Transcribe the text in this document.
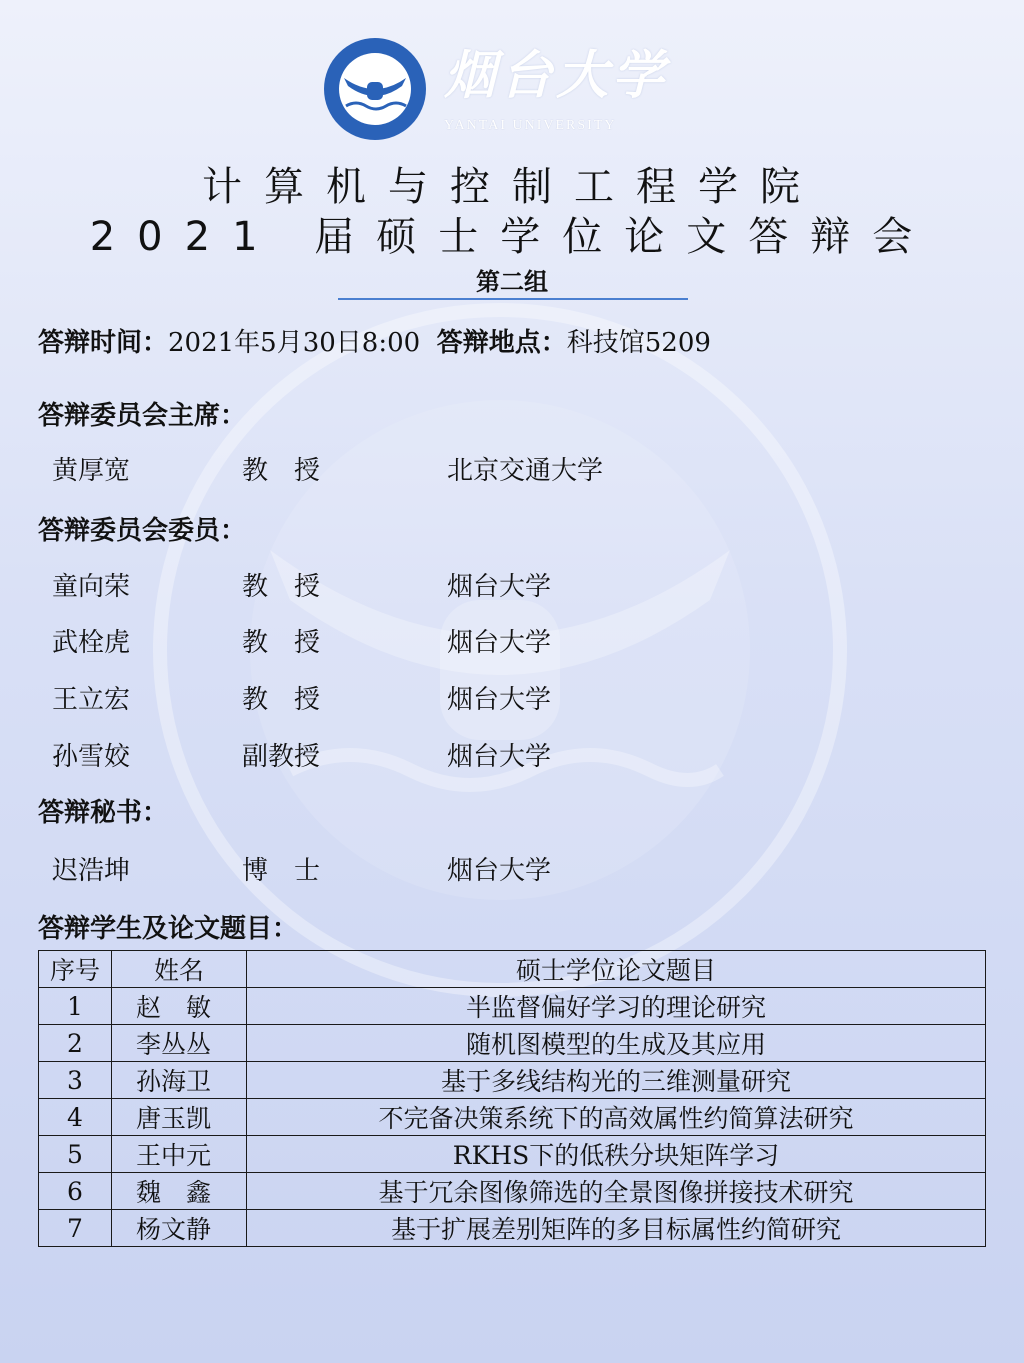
烟台大学
YANTAI UNIVERSITY
计算机与控制工程学院
2021 届硕士学位论文答辩会
第二组
答辩时间：2021年5月30日8:00 答辩地点：科技馆5209
答辩委员会主席：
黄厚宽	教　授	北京交通大学
答辩委员会委员：
童向荣	教　授	烟台大学
武栓虎	教　授	烟台大学
王立宏	教　授	烟台大学
孙雪姣	副教授	烟台大学
答辩秘书：
迟浩坤	博　士	烟台大学
答辩学生及论文题目：
序号	姓名	硕士学位论文题目
1	赵　敏	半监督偏好学习的理论研究
2	李丛丛	随机图模型的生成及其应用
3	孙海卫	基于多线结构光的三维测量研究
4	唐玉凯	不完备决策系统下的高效属性约简算法研究
5	王中元	RKHS下的低秩分块矩阵学习
6	魏　鑫	基于冗余图像筛选的全景图像拼接技术研究
7	杨文静	基于扩展差别矩阵的多目标属性约简研究
